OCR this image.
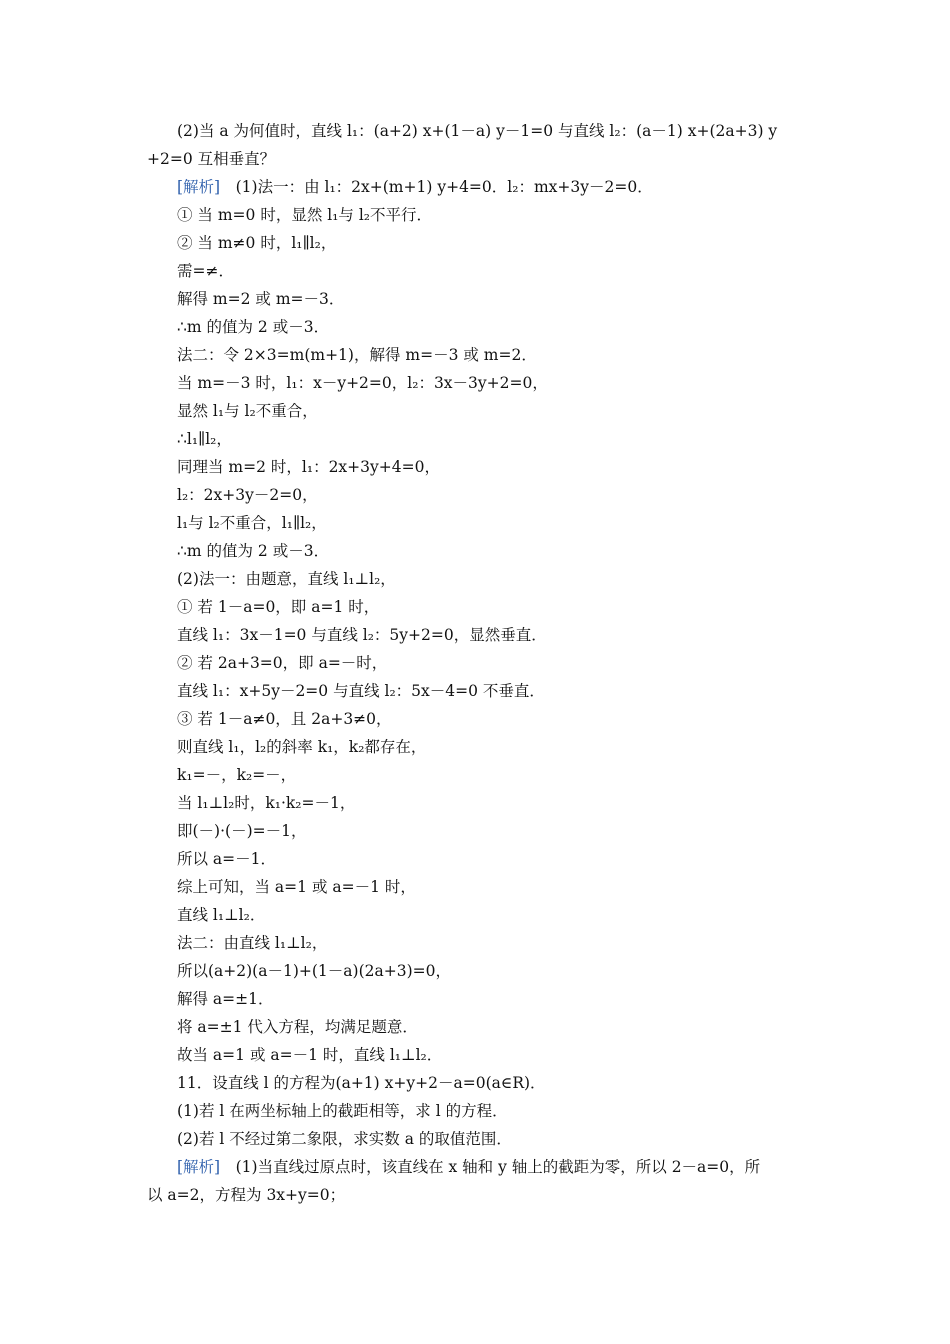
(2)当 a 为何值时，直线 l₁：(a+2) x+(1－a) y－1=0 与直线 l₂：(a－1) x+(2a+3) y
+2=0 互相垂直？
[解析]　(1)法一：由 l₁：2x+(m+1) y+4=0．l₂：mx+3y－2=0．
① 当 m=0 时，显然 l₁与 l₂不平行．
② 当 m≠0 时，l₁∥l₂，
需=≠．
解得 m=2 或 m=－3．
∴m 的值为 2 或－3．
法二：令 2×3=m(m+1)，解得 m=－3 或 m=2．
当 m=－3 时，l₁：x－y+2=0，l₂：3x－3y+2=0，
显然 l₁与 l₂不重合，
∴l₁∥l₂，
同理当 m=2 时，l₁：2x+3y+4=0，
l₂：2x+3y－2=0，
l₁与 l₂不重合，l₁∥l₂，
∴m 的值为 2 或－3．
(2)法一：由题意，直线 l₁⊥l₂，
① 若 1－a=0，即 a=1 时，
直线 l₁：3x－1=0 与直线 l₂：5y+2=0，显然垂直．
② 若 2a+3=0，即 a=－时，
直线 l₁：x+5y－2=0 与直线 l₂：5x－4=0 不垂直．
③ 若 1－a≠0，且 2a+3≠0，
则直线 l₁，l₂的斜率 k₁，k₂都存在，
k₁=－，k₂=－，
当 l₁⊥l₂时，k₁·k₂=－1，
即(－)·(－)=－1，
所以 a=－1．
综上可知，当 a=1 或 a=－1 时，
直线 l₁⊥l₂．
法二：由直线 l₁⊥l₂，
所以(a+2)(a－1)+(1－a)(2a+3)=0，
解得 a=±1．
将 a=±1 代入方程，均满足题意．
故当 a=1 或 a=－1 时，直线 l₁⊥l₂．
11．设直线 l 的方程为(a+1) x+y+2－a=0(a∈R)．
(1)若 l 在两坐标轴上的截距相等，求 l 的方程．
(2)若 l 不经过第二象限，求实数 a 的取值范围．
[解析]　(1)当直线过原点时，该直线在 x 轴和 y 轴上的截距为零，所以 2－a=0，所
以 a=2，方程为 3x+y=0；
